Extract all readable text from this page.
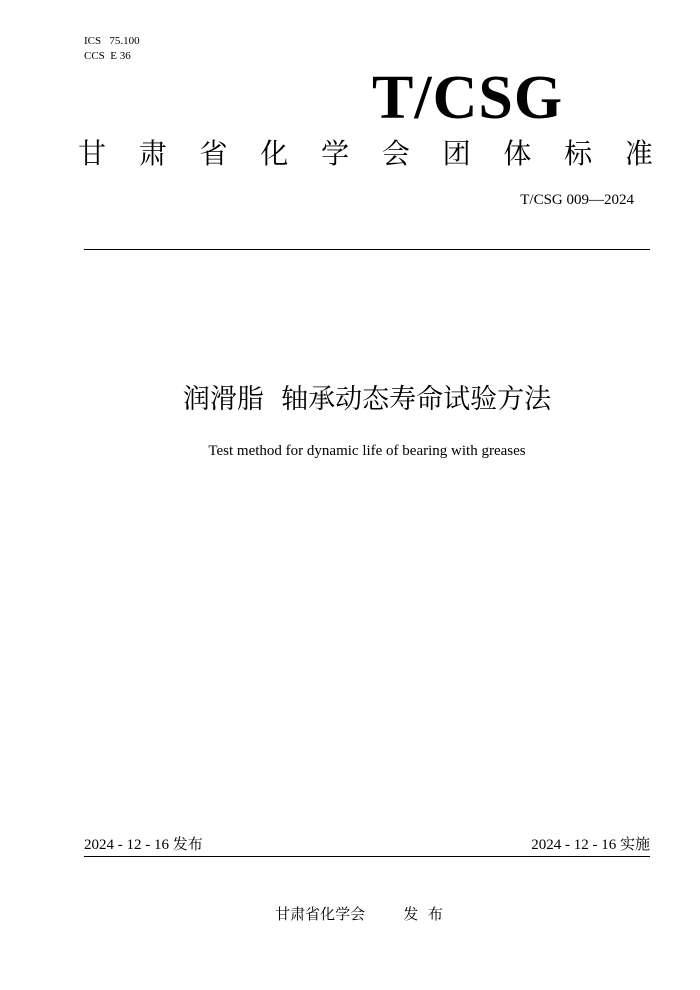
ICS   75.100
CCS  E 36
T/CSG
甘 肃 省 化 学 会 团 体 标 准
T/CSG 009—2024
润滑脂  轴承动态寿命试验方法
Test method for dynamic life of bearing with greases
2024 - 12 - 16 发布	2024 - 12 - 16 实施
甘肃省化学会	发  布
